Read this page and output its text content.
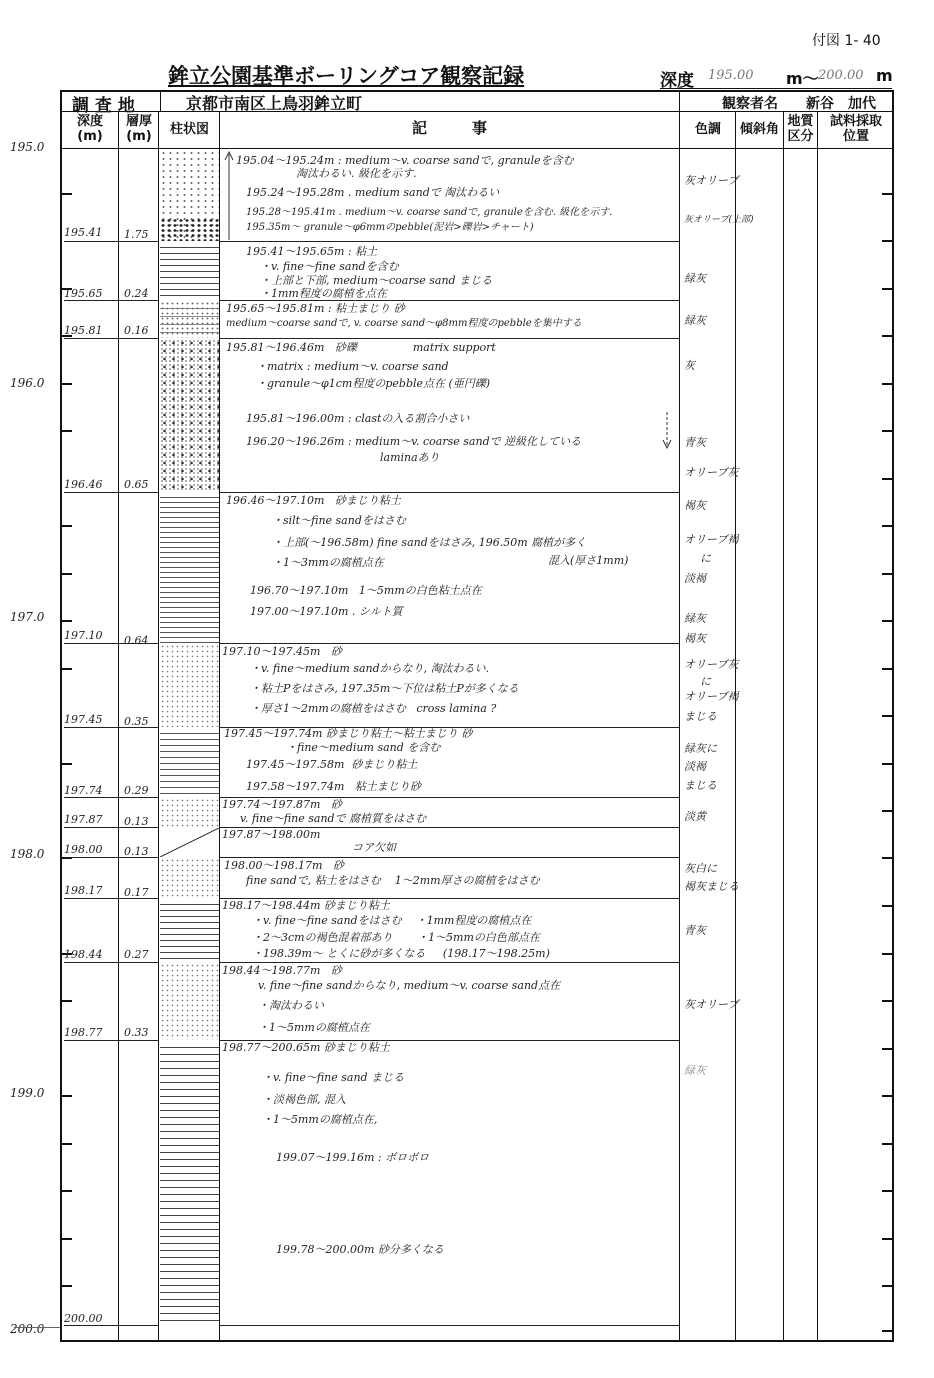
付図 1- 40
鉾立公園基準ボーリングコア観察記録	深度 195.00 m〜 200.00 m
調 査 地	京都市南区上鳥羽鉾立町	観察者名 新谷　加代
深度
(m)
層厚
(m)	柱状図	記　　　事	色調	傾斜角
地質
区分
試料採取
位置
195.0
196.0
197.0
198.0
199.0
200.0
195.41 1.75
195.65 0.24
195.81 0.16
196.46 0.65
197.10 0.64
197.45 0.35
197.74 0.29
197.87 0.13
198.00 0.13
198.17 0.17
198.44 0.27
198.77 0.33
200.00
195.04〜195.24m : medium〜v. coarse sandで, granuleを含む
淘汰わるい. 級化を示す.
195.24〜195.28m . medium sandで 淘汰わるい
195.28〜195.41m . medium〜v. coarse sandで, granuleを含む. 級化を示す.
195.35m〜 granule〜φ6mmのpebble(泥岩>礫岩>チャート)
195.41〜195.65m : 粘土
・v. fine〜fine sandを含む
・上部と下部, medium〜coarse sand まじる
・1mm程度の腐植を点在
195.65〜195.81m : 粘土まじり 砂
medium〜coarse sandで, v. coarse sand〜φ8mm程度のpebbleを集中する
195.81〜196.46m   砂礫                matrix support
・matrix : medium〜v. coarse sand
・granule〜φ1cm程度のpebble点在 (亜円礫)
195.81〜196.00m : clastの入る割合小さい
196.20〜196.26m : medium〜v. coarse sandで 逆級化している
laminaあり
196.46〜197.10m   砂まじり粘土
・silt〜fine sandをはさむ
・上部(〜196.58m) fine sandをはさみ, 196.50m 腐植が多く
混入(厚さ1mm)
・1〜3mmの腐植点在
196.70〜197.10m   1〜5mmの白色粘土点在
197.00〜197.10m . シルト質
197.10〜197.45m   砂
・v. fine〜medium sandからなり, 淘汰わるい.
・粘土Pをはさみ, 197.35m〜下位は粘土Pが多くなる
・厚さ1〜2mmの腐植をはさむ   cross lamina ?
197.45〜197.74m 砂まじり粘土〜粘土まじり 砂
・fine〜medium sand を含む
197.45〜197.58m  砂まじり粘土
197.58〜197.74m   粘土まじり砂
197.74〜197.87m   砂
v. fine〜fine sandで 腐植質をはさむ
197.87〜198.00m
コア欠如
198.00〜198.17m   砂
fine sandで, 粘土をはさむ    1〜2mm厚さの腐植をはさむ
198.17〜198.44m 砂まじり粘土
・v. fine〜fine sandをはさむ    ・1mm程度の腐植点在
・2〜3cmの褐色混着部あり       ・1〜5mmの白色部点在
・198.39m〜 とくに砂が多くなる     (198.17〜198.25m)
198.44〜198.77m   砂
v. fine〜fine sandからなり, medium〜v. coarse sand点在
・淘汰わるい
・1〜5mmの腐植点在
198.77〜200.65m 砂まじり粘土
・v. fine〜fine sand まじる
・淡褐色部, 混入
・1〜5mmの腐植点在,
199.07〜199.16m : ボロボロ
199.78〜200.00m 砂分多くなる
灰オリーブ
灰オリーブ(上部)
緑灰
緑灰
灰
青灰
オリーブ灰
褐灰
オリーブ褐
に
淡褐
緑灰
褐灰
オリーブ灰
に
オリーブ褐
まじる
緑灰に
淡褐
まじる
淡黄
灰白に
褐灰まじる
青灰
灰オリーブ
緑灰
